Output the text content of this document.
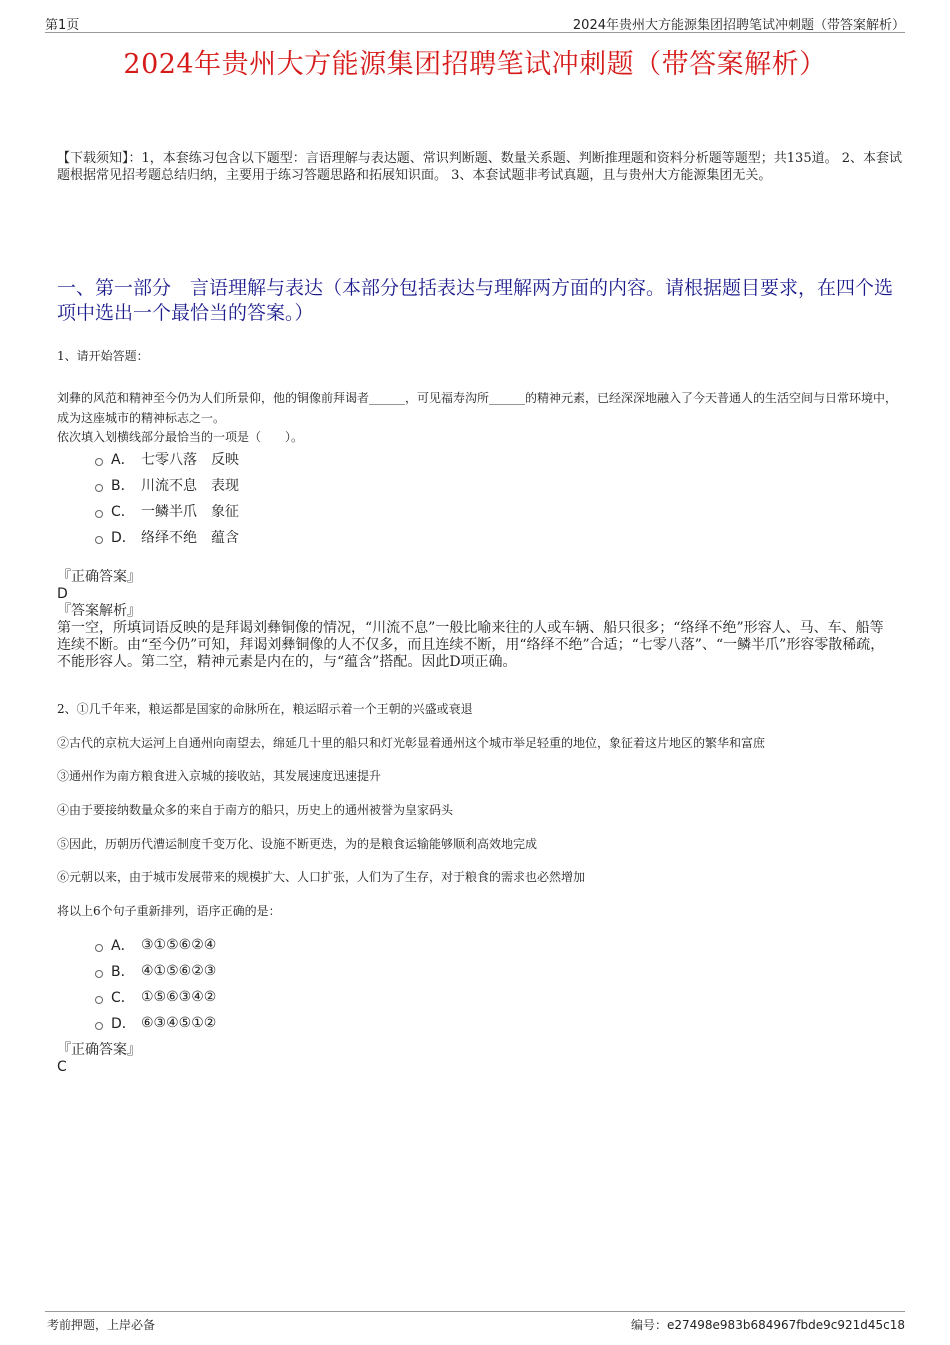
第1页	2024年贵州大方能源集团招聘笔试冲刺题（带答案解析）
2024年贵州大方能源集团招聘笔试冲刺题（带答案解析）
【下载须知】：1，本套练习包含以下题型：言语理解与表达题、常识判断题、数量关系题、判断推理题和资料分析题等题型；共135道。 2、本套试题根据常见招考题总结归纳，主要用于练习答题思路和拓展知识面。 3、本套试题非考试真题，且与贵州大方能源集团无关。
一、第一部分　言语理解与表达（本部分包括表达与理解两方面的内容。请根据题目要求，在四个选项中选出一个最恰当的答案。）
1、请开始答题：
刘彝的风范和精神至今仍为人们所景仰，他的铜像前拜谒者______，可见福寿沟所______的精神元素，已经深深地融入了今天普通人的生活空间与日常环境中，成为这座城市的精神标志之一。
依次填入划横线部分最恰当的一项是（　　）。
A． 七零八落　反映
B． 川流不息　表现
C． 一鳞半爪　象征
D． 络绎不绝　蕴含
『正确答案』
D
『答案解析』
第一空，所填词语反映的是拜谒刘彝铜像的情况，“川流不息”一般比喻来往的人或车辆、船只很多；“络绎不绝”形容人、马、车、船等连续不断。由“至今仍”可知，拜谒刘彝铜像的人不仅多，而且连续不断，用“络绎不绝”合适；“七零八落”、“一鳞半爪”形容零散稀疏，不能形容人。第二空，精神元素是内在的，与“蕴含”搭配。因此D项正确。
2、①几千年来，粮运都是国家的命脉所在，粮运昭示着一个王朝的兴盛或衰退
②古代的京杭大运河上自通州向南望去，绵延几十里的船只和灯光彰显着通州这个城市举足轻重的地位，象征着这片地区的繁华和富庶
③通州作为南方粮食进入京城的接收站，其发展速度迅速提升
④由于要接纳数量众多的来自于南方的船只，历史上的通州被誉为皇家码头
⑤因此，历朝历代漕运制度千变万化、设施不断更迭，为的是粮食运输能够顺利高效地完成
⑥元朝以来，由于城市发展带来的规模扩大、人口扩张，人们为了生存，对于粮食的需求也必然增加
将以上6个句子重新排列，语序正确的是：
A． ③①⑤⑥②④
B． ④①⑤⑥②③
C． ①⑤⑥③④②
D． ⑥③④⑤①②
『正确答案』
C
考前押题，上岸必备	编号：e27498e983b684967fbde9c921d45c18
